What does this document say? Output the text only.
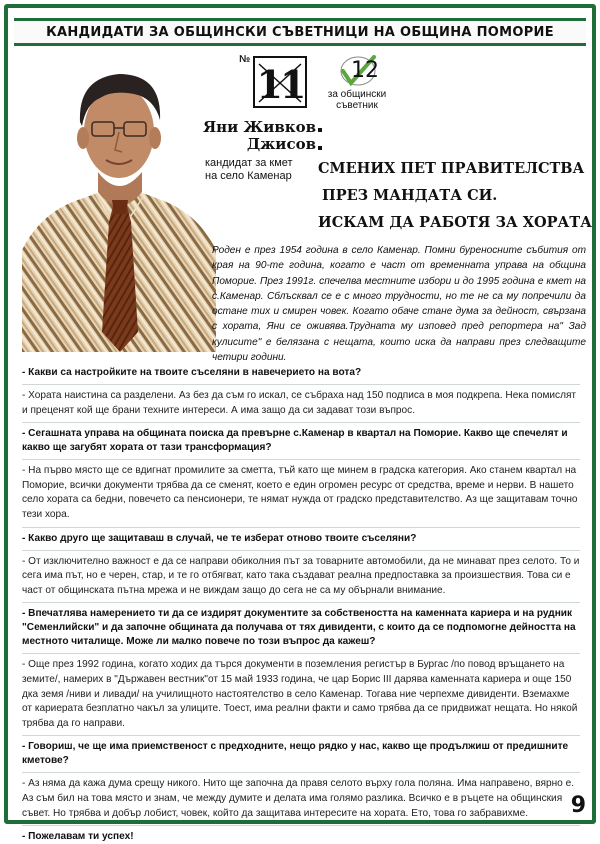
КАНДИДАТИ ЗА ОБЩИНСКИ СЪВЕТНИЦИ НА ОБЩИНА ПОМОРИЕ
№
11 12
за общински
съветник
Яни Живков
Джисов
кандидат за кмет
на село Каменар	СМЕНИХ ПЕТ ПРАВИТЕЛСТВА
ПРЕЗ МАНДАТА СИ.
ИСКАМ ДА РАБОТЯ ЗА ХОРАТА
Роден е през 1954 година в село Каменар. Помни бурeносните събития от края на 90-те година, когато е част от временната управа на община Поморие. През 1991г. спечелва местните избори и до 1995 година е кмет на с.Каменар. Сблъсквал се е с много трудности, но те не са му попречили да остане тих и смирен човек. Когато обаче стане дума за дейност, свързана с хората, Яни се оживява.Трудната му изповед пред репортера на" Зад кулисите" е белязана с нещата, които иска да направи през следващите четири години.
- Какви са настройките на твоите съселяни в навечерието на вота?
- Хората наистина са разделени. Аз без да съм го искал, се събраха над 150 подписа в моя подкрепа. Нека помислят и преценят кой ще брани техните интереси. А има защо да си задават този въпрос.
- Сегашната управа на общината поиска да превърне с.Каменар в квартал на Поморие. Какво ще спечелят и какво ще загубят хората от тази трансформация?
- На първо място ще се вдигнат промилите за сметта, тъй като ще минем в градска категория. Ако станем квартал на Поморие, всички документи трябва да се сменят, което е един огромен ресурс от средства, време и нерви. В нашето село хората са бедни, повечето са пенсионери, те нямат нужда от градско представителство. Аз ще защитавам точно тези хора.
- Какво друго ще защитаваш в случай, че те изберат отново твоите съселяни?
- От изключително важност е да се направи обиколния път за товарните автомобили, да не минават през селото. То и сега има път, но е черен, стар, и те го отбягват, като така създават реална предпоставка за произшествия. Това си е част от общинската пътна мрежа и не виждам защо до сега не са му обърнали внимание.
- Впечатлява намерението ти да се издирят документите за собствеността на каменната кариера и на рудник "Семенлийски" и да започне общината да получава от тях дивиденти, с които да се подпомогне дейността на местното читалище. Може ли малко повече по този въпрос да кажеш?
- Още през 1992 година, когато ходих да търся документи в поземления регистър в Бургас /по повод връщането на земите/, намерих в "Държавен вестник"от 15 май 1933 година, че цар Борис III дарява каменната кариера и още 150 дка земя /ниви и ливади/ на училищното настоятелство в село Каменар. Тогава ние черпехме дивиденти. Вземахме от кариерата безплатно чакъл за улиците. Тоест, има реални факти и само трябва да се придвижат нещата. Но някой трябва да го направи.
- Говориш, че ще имa приемственост с предходните, нещо рядко у нас, какво ще продължиш от предишните кметове?
- Аз няма да кажа дума срещу никого. Нито ще започна да правя селото върху гола поляна. Има направено, вярно е. Аз съм бил на това място и знам, че между думите и делата има голямо разлика. Всичко е в ръцете на общинския съвет. Но трябва и добър лобист, човек, който да защитава интересите на хората. Ето, това го забравихме.
- Пожелавам ти успех!
9
